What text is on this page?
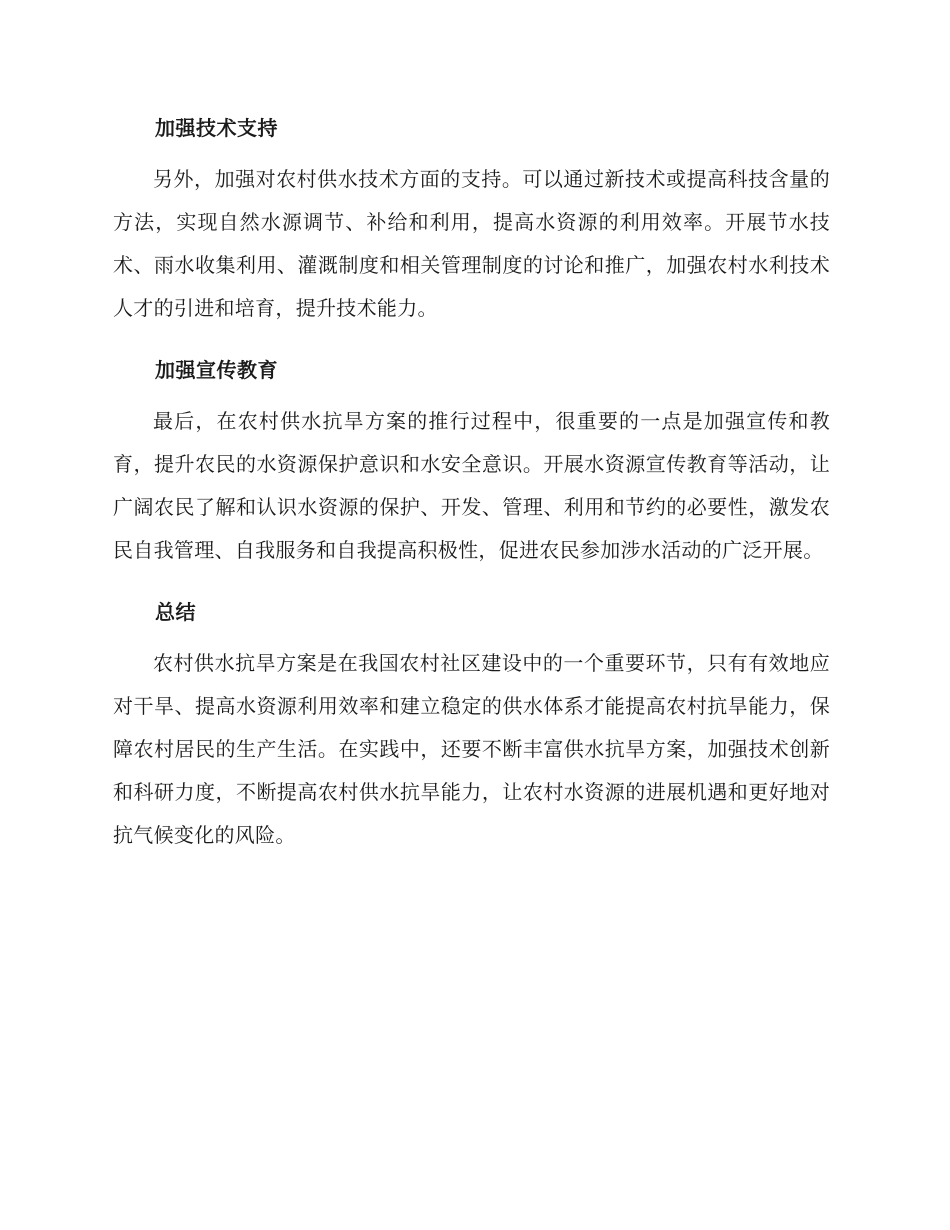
加强技术支持

另外，加强对农村供水技术方面的支持。可以通过新技术或提高科技含量的方法，实现自然水源调节、补给和利用，提高水资源的利用效率。开展节水技术、雨水收集利用、灌溉制度和相关管理制度的讨论和推广，加强农村水利技术人才的引进和培育，提升技术能力。

加强宣传教育

最后，在农村供水抗旱方案的推行过程中，很重要的一点是加强宣传和教育，提升农民的水资源保护意识和水安全意识。开展水资源宣传教育等活动，让广阔农民了解和认识水资源的保护、开发、管理、利用和节约的必要性，激发农民自我管理、自我服务和自我提高积极性，促进农民参加涉水活动的广泛开展。

总结

农村供水抗旱方案是在我国农村社区建设中的一个重要环节，只有有效地应对干旱、提高水资源利用效率和建立稳定的供水体系才能提高农村抗旱能力，保障农村居民的生产生活。在实践中，还要不断丰富供水抗旱方案，加强技术创新和科研力度，不断提高农村供水抗旱能力，让农村水资源的进展机遇和更好地对抗气候变化的风险。
